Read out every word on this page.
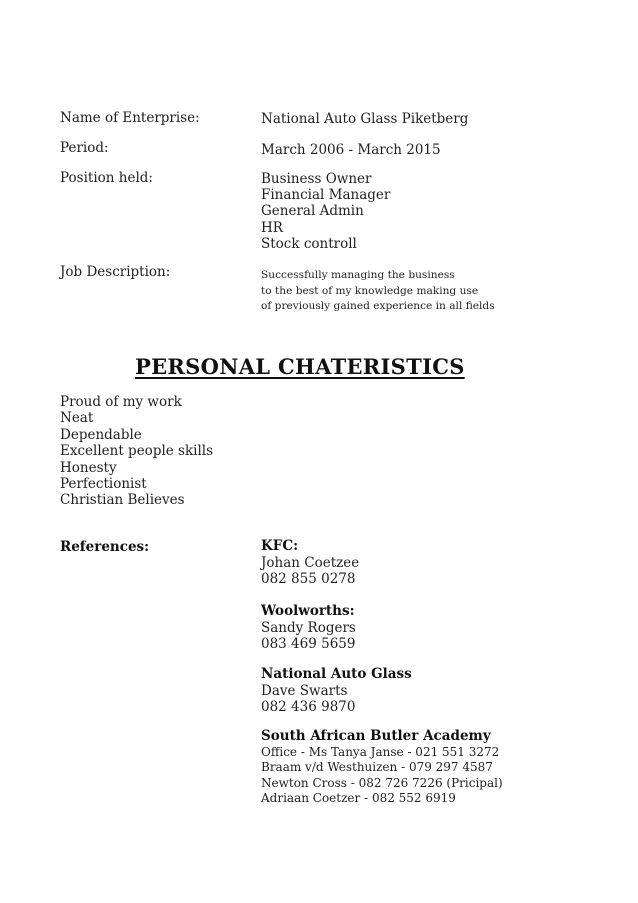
Name of Enterprise:	National Auto Glass Piketberg
Period:	March 2006 - March 2015
Position held:	Business Owner
Financial Manager
General Admin
HR
Stock controll
Job Description:	Successfully managing the business
to the best of my knowledge making use
of previously gained experience in all fields
PERSONAL CHATERISTICS
Proud of my work
Neat
Dependable
Excellent people skills
Honesty
Perfectionist
Christian Believes
References:	KFC:
Johan Coetzee
082 855 0278
Woolworths:
Sandy Rogers
083 469 5659
National Auto Glass
Dave Swarts
082 436 9870
South African Butler Academy
Office - Ms Tanya Janse - 021 551 3272
Braam v/d Westhuizen - 079 297 4587
Newton Cross - 082 726 7226 (Pricipal)
Adriaan Coetzer - 082 552 6919
